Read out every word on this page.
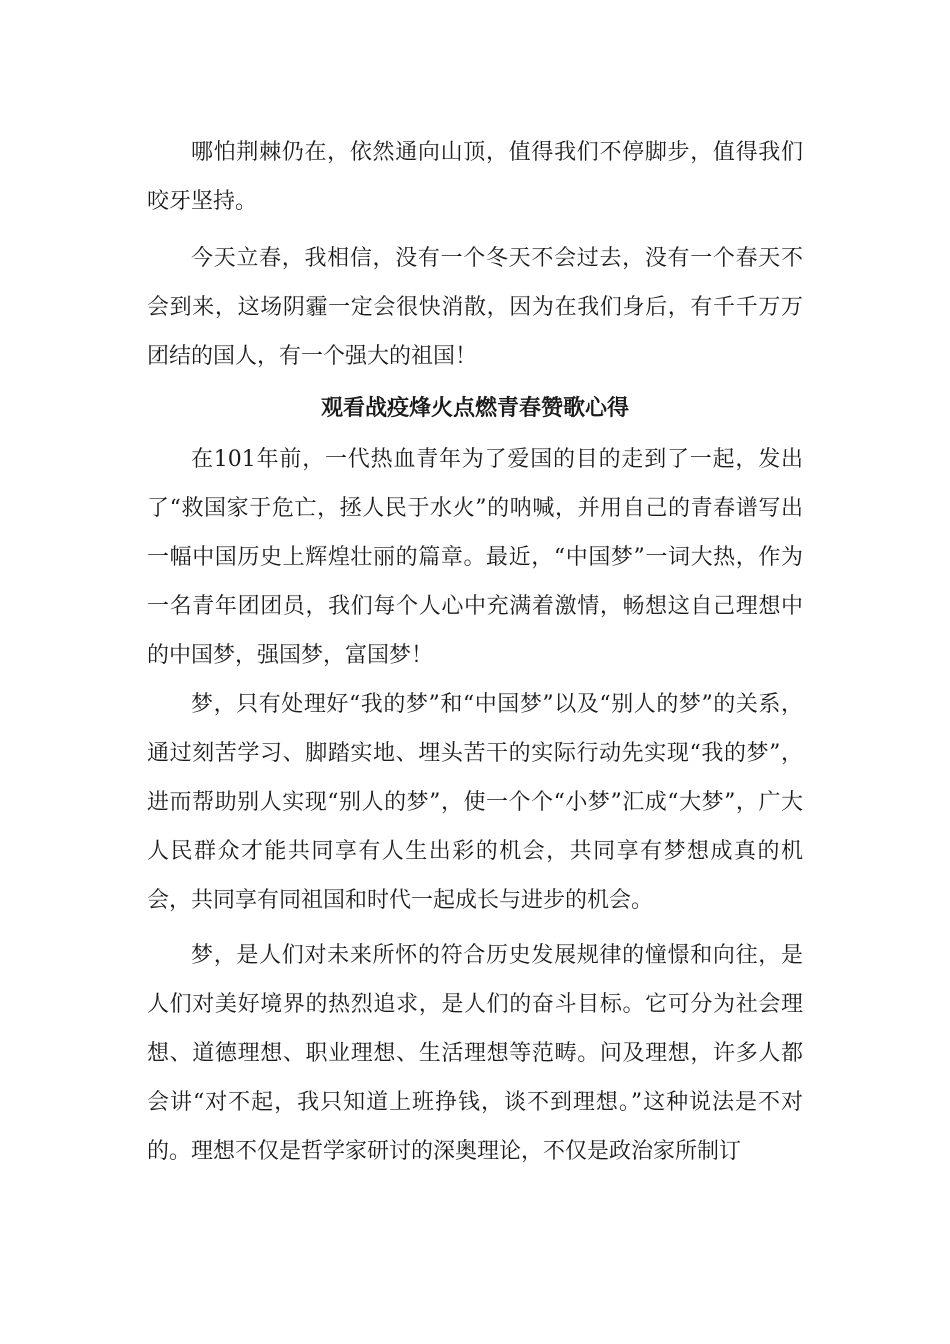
哪怕荆棘仍在，依然通向山顶，值得我们不停脚步，值得我们咬牙坚持。

今天立春，我相信，没有一个冬天不会过去，没有一个春天不会到来，这场阴霾一定会很快消散，因为在我们身后，有千千万万团结的国人，有一个强大的祖国！

观看战疫烽火点燃青春赞歌心得

在101年前，一代热血青年为了爱国的目的走到了一起，发出了“救国家于危亡，拯人民于水火”的呐喊，并用自己的青春谱写出一幅中国历史上辉煌壮丽的篇章。最近，“中国梦”一词大热，作为一名青年团团员，我们每个人心中充满着激情，畅想这自己理想中的中国梦，强国梦，富国梦！

梦，只有处理好“我的梦”和“中国梦”以及“别人的梦”的关系，通过刻苦学习、脚踏实地、埋头苦干的实际行动先实现“我的梦”，进而帮助别人实现“别人的梦”，使一个个“小梦”汇成“大梦”，广大人民群众才能共同享有人生出彩的机会，共同享有梦想成真的机会，共同享有同祖国和时代一起成长与进步的机会。

梦，是人们对未来所怀的符合历史发展规律的憧憬和向往，是人们对美好境界的热烈追求，是人们的奋斗目标。它可分为社会理想、道德理想、职业理想、生活理想等范畴。问及理想，许多人都会讲“对不起，我只知道上班挣钱，谈不到理想。”这种说法是不对的。理想不仅是哲学家研讨的深奥理论，不仅是政治家所制订
